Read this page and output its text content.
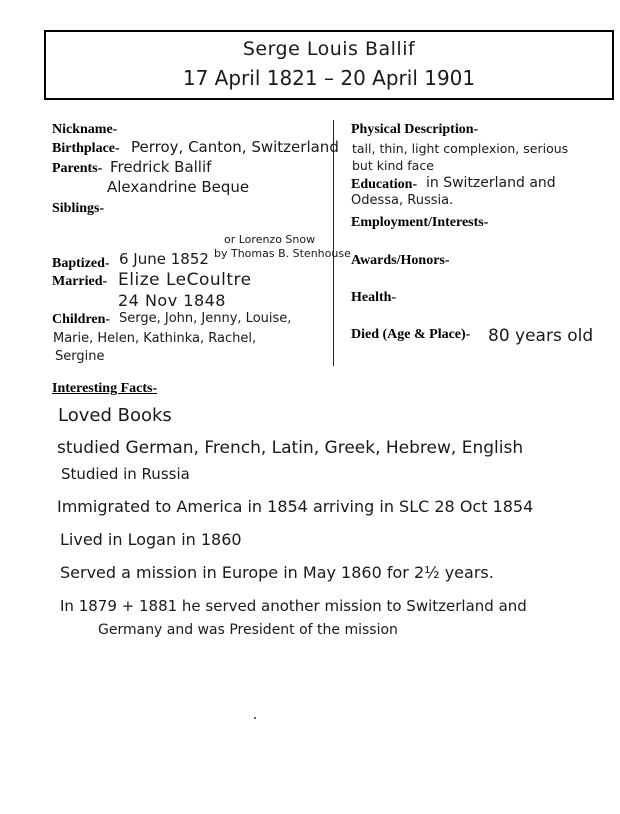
Serge Louis Ballif
17 April 1821 – 20 April 1901
Nickname-
Birthplace- Perroy, Canton, Switzerland
Parents- Fredrick Ballif
Alexandrine Beque
Siblings-
or Lorenzo Snow
by Thomas B. Stenhouse
Baptized- 6 June 1852
Married- Elize LeCoultre
24 Nov 1848
Children- Serge, John, Jenny, Louise,
Marie, Helen, Kathinka, Rachel,
Sergine
Physical Description-
tall, thin, light complexion, serious
but kind face
Education- in Switzerland and
Odessa, Russia.
Employment/Interests-
Awards/Honors-
Health-
Died (Age & Place)- 80 years old
Interesting Facts-
Loved Books
studied German, French, Latin, Greek, Hebrew, English
Studied in Russia
Immigrated to America in 1854 arriving in SLC 28 Oct 1854
Lived in Logan in 1860
Served a mission in Europe in May 1860 for 2½ years.
In 1879 + 1881 he served another mission to Switzerland and
Germany and was President of the mission
